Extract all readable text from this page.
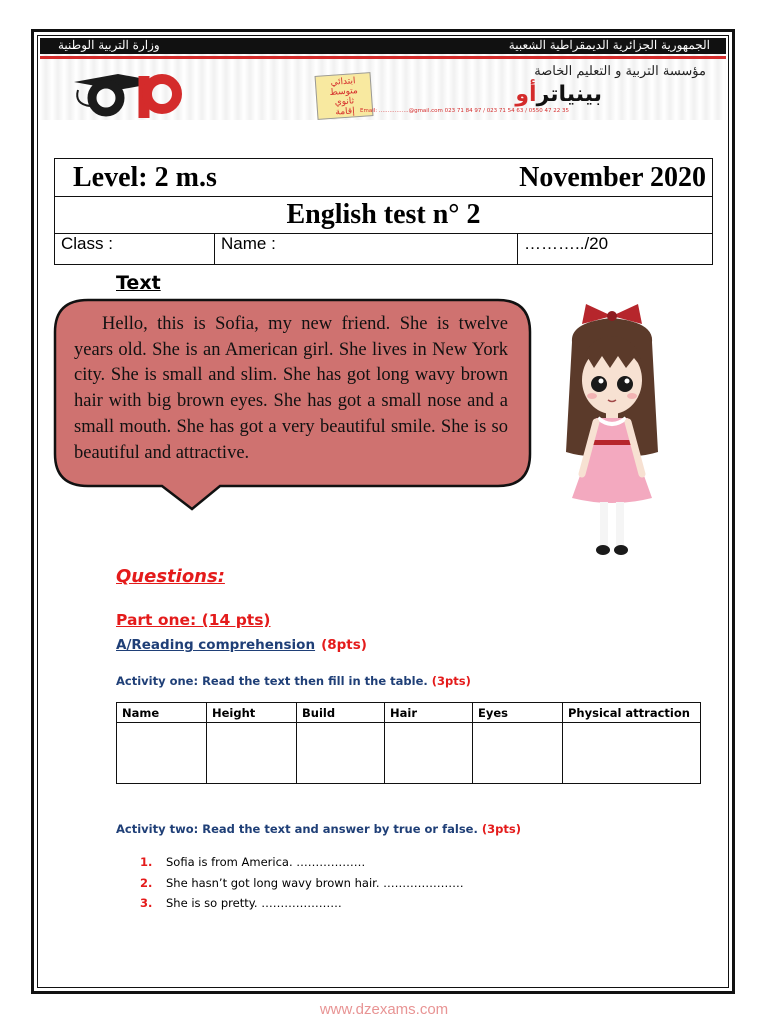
وزارة التربية الوطنية	الجمهورية الجزائرية الديمقراطية الشعبية
ابتدائي
متوسط
ثانوي
إقامة
مؤسسة التربية و التعليم الخاصة
بينياترأو
Email: .................@gmail.com 023 71 84 97 / 023 71 54 63 / 0550 47 22 35
Level: 2 m.s	November 2020

English test n° 2
Class :	Name :	………../20
Text
Hello, this is Sofia, my new friend. She is twelve years old. She is an American girl. She lives in New York city. She is small and slim. She has got long wavy brown hair with big brown eyes. She has got a small nose and a small mouth. She has got a very beautiful smile. She is so beautiful and attractive.
Questions:
Part one: (14 pts)
A/Reading comprehension (8pts)
Activity one: Read the text then fill in the table. (3pts)
Name	Height	Build	Hair	Eyes	Physical attraction

Activity two: Read the text and answer by true or false. (3pts)
1. Sofia is from America. ………………
2. She hasn’t got long wavy brown hair. …………………
3. She is so pretty. …………………
www.dzexams.com
